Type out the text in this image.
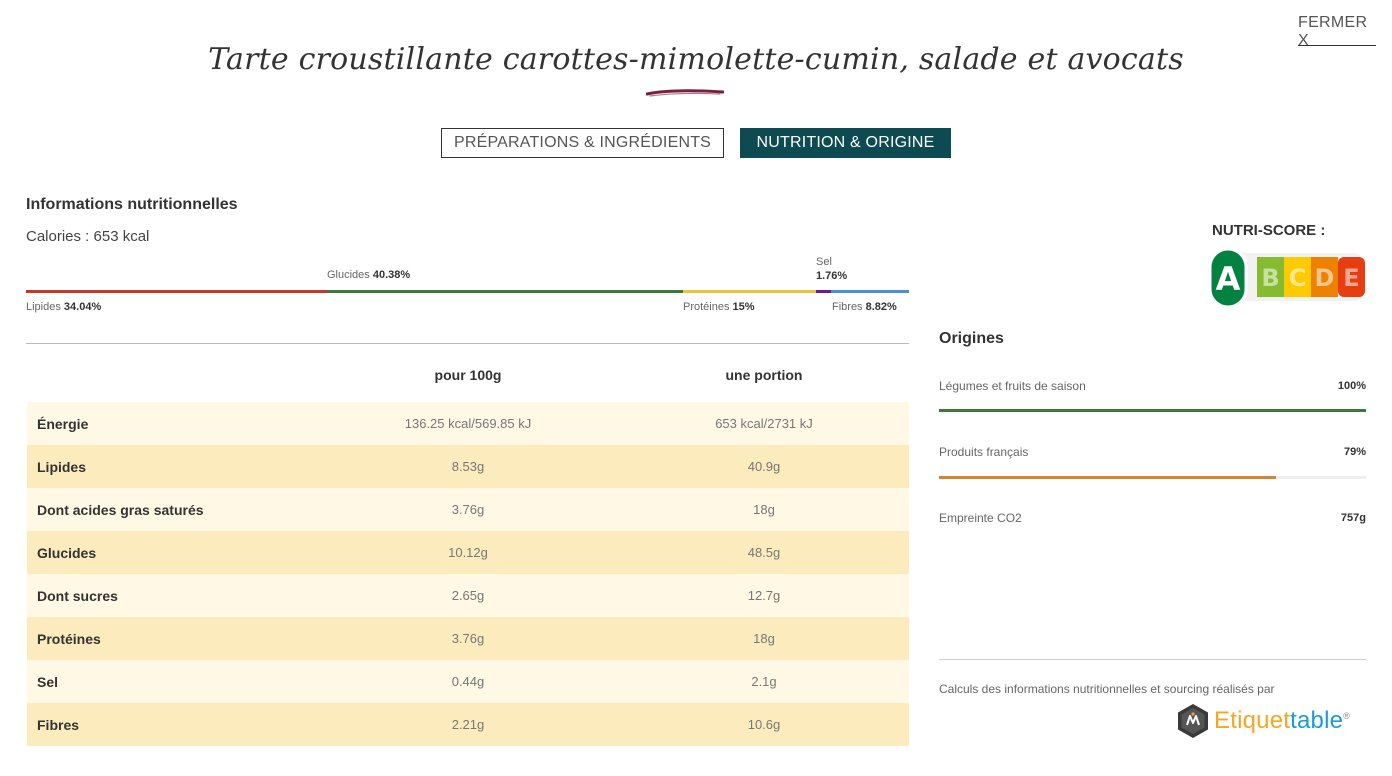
FERMER X
Tarte croustillante carottes-mimolette-cumin, salade et avocats
PRÉPARATIONS & INGRÉDIENTS	NUTRITION & ORIGINE
Informations nutritionnelles
Calories : 653 kcal
Lipides 34.04%
Glucides 40.38%
Protéines 15%
Sel
1.76%
Fibres 8.82%
pour 100g	une portion
Énergie	136.25 kcal/569.85 kJ	653 kcal/2731 kJ
Lipides	8.53g	40.9g
Dont acides gras saturés	3.76g	18g
Glucides	10.12g	48.5g
Dont sucres	2.65g	12.7g
Protéines	3.76g	18g
Sel	0.44g	2.1g
Fibres	2.21g	10.6g
NUTRI-SCORE :
B C D E
A
Origines
Légumes et fruits de saison	100%
Produits français	79%
Empreinte CO2	757g
Calculs des informations nutritionnelles et sourcing réalisés par
Etiquettable®
